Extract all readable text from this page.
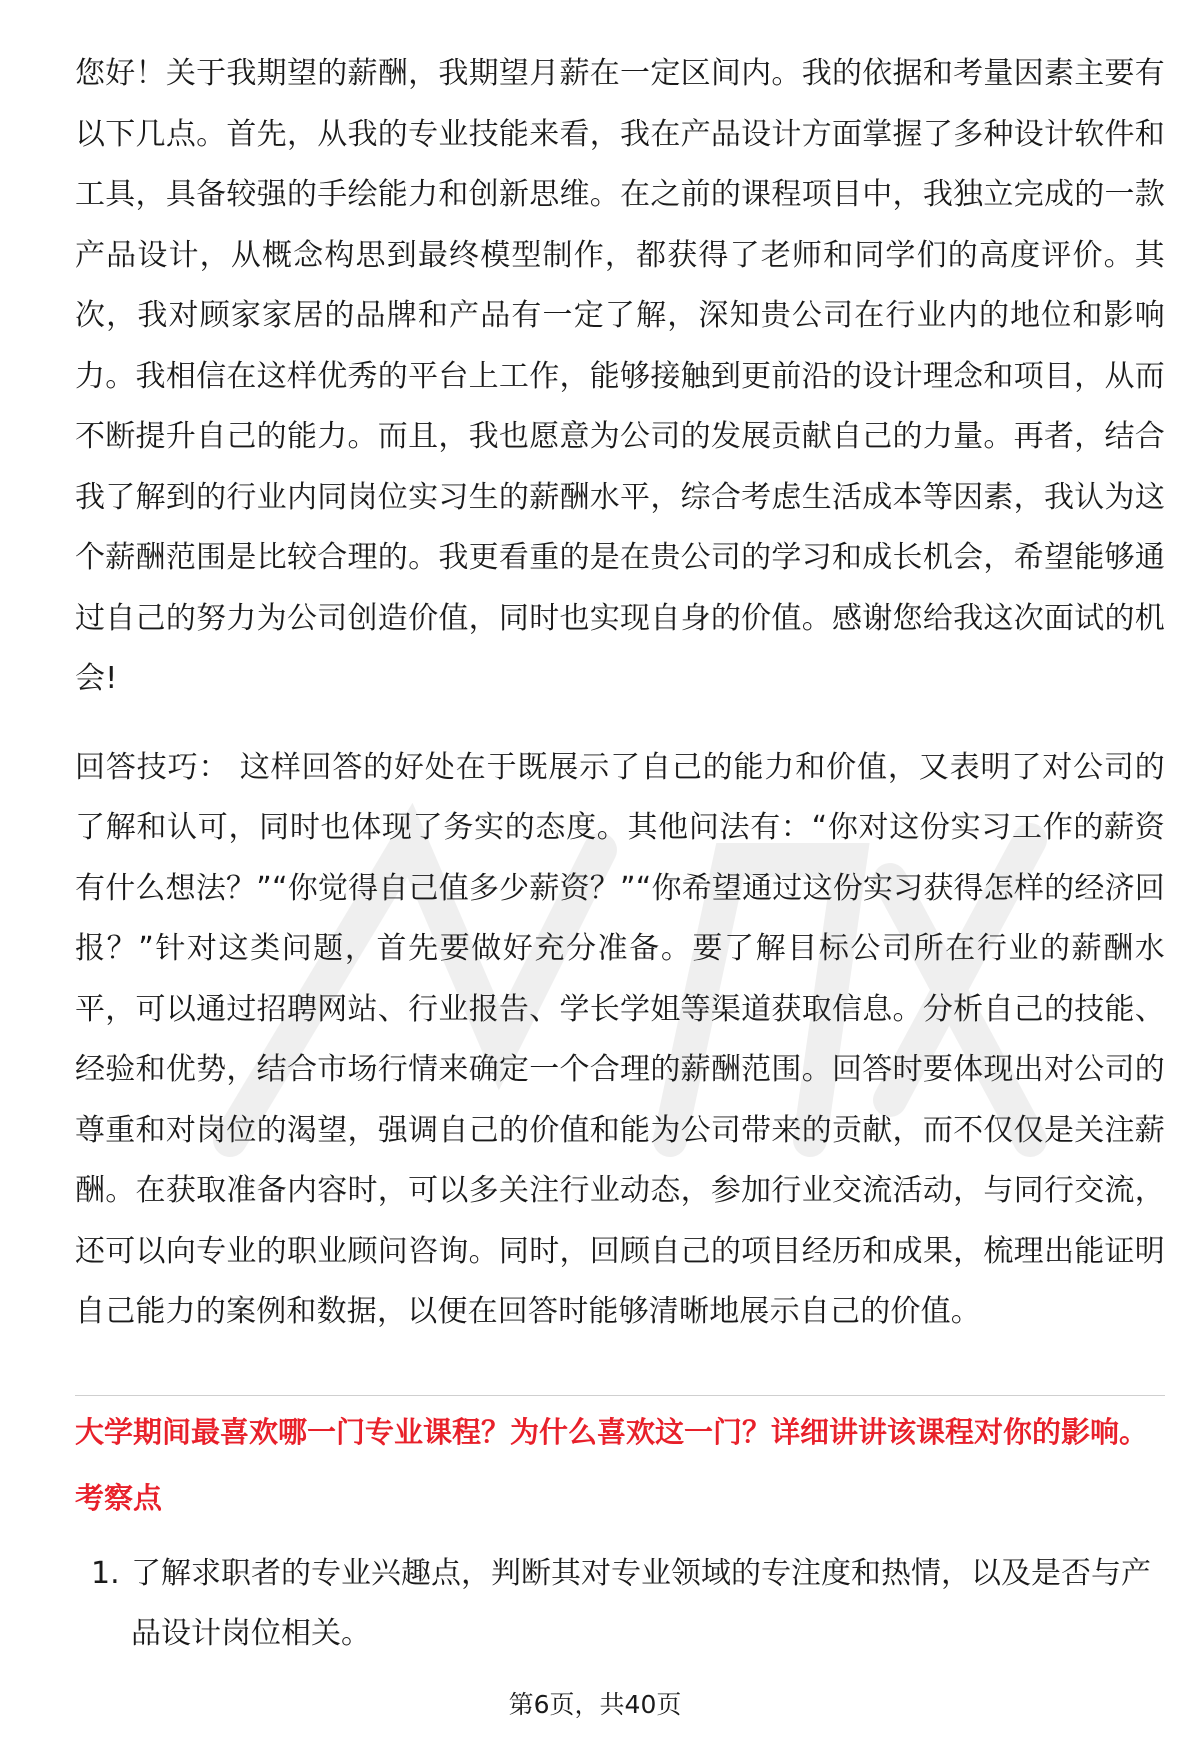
您好！关于我期望的薪酬，我期望月薪在一定区间内。我的依据和考量因素主要有以下几点。首先，从我的专业技能来看，我在产品设计方面掌握了多种设计软件和工具，具备较强的手绘能力和创新思维。在之前的课程项目中，我独立完成的一款产品设计，从概念构思到最终模型制作，都获得了老师和同学们的高度评价。其次，我对顾家家居的品牌和产品有一定了解，深知贵公司在行业内的地位和影响力。我相信在这样优秀的平台上工作，能够接触到更前沿的设计理念和项目，从而不断提升自己的能力。而且，我也愿意为公司的发展贡献自己的力量。再者，结合我了解到的行业内同岗位实习生的薪酬水平，综合考虑生活成本等因素，我认为这个薪酬范围是比较合理的。我更看重的是在贵公司的学习和成长机会，希望能够通过自己的努力为公司创造价值，同时也实现自身的价值。感谢您给我这次面试的机会!

回答技巧： 这样回答的好处在于既展示了自己的能力和价值，又表明了对公司的了解和认可，同时也体现了务实的态度。其他问法有：“你对这份实习工作的薪资有什么想法？”“你觉得自己值多少薪资？”“你希望通过这份实习获得怎样的经济回报？”针对这类问题，首先要做好充分准备。要了解目标公司所在行业的薪酬水平，可以通过招聘网站、行业报告、学长学姐等渠道获取信息。分析自己的技能、经验和优势，结合市场行情来确定一个合理的薪酬范围。回答时要体现出对公司的尊重和对岗位的渴望，强调自己的价值和能为公司带来的贡献，而不仅仅是关注薪酬。在获取准备内容时，可以多关注行业动态，参加行业交流活动，与同行交流，还可以向专业的职业顾问咨询。同时，回顾自己的项目经历和成果，梳理出能证明自己能力的案例和数据，以便在回答时能够清晰地展示自己的价值。

大学期间最喜欢哪一门专业课程？为什么喜欢这一门？详细讲讲该课程对你的影响。

考察点

1. 了解求职者的专业兴趣点，判断其对专业领域的专注度和热情，以及是否与产品设计岗位相关。
第6页，共40页
